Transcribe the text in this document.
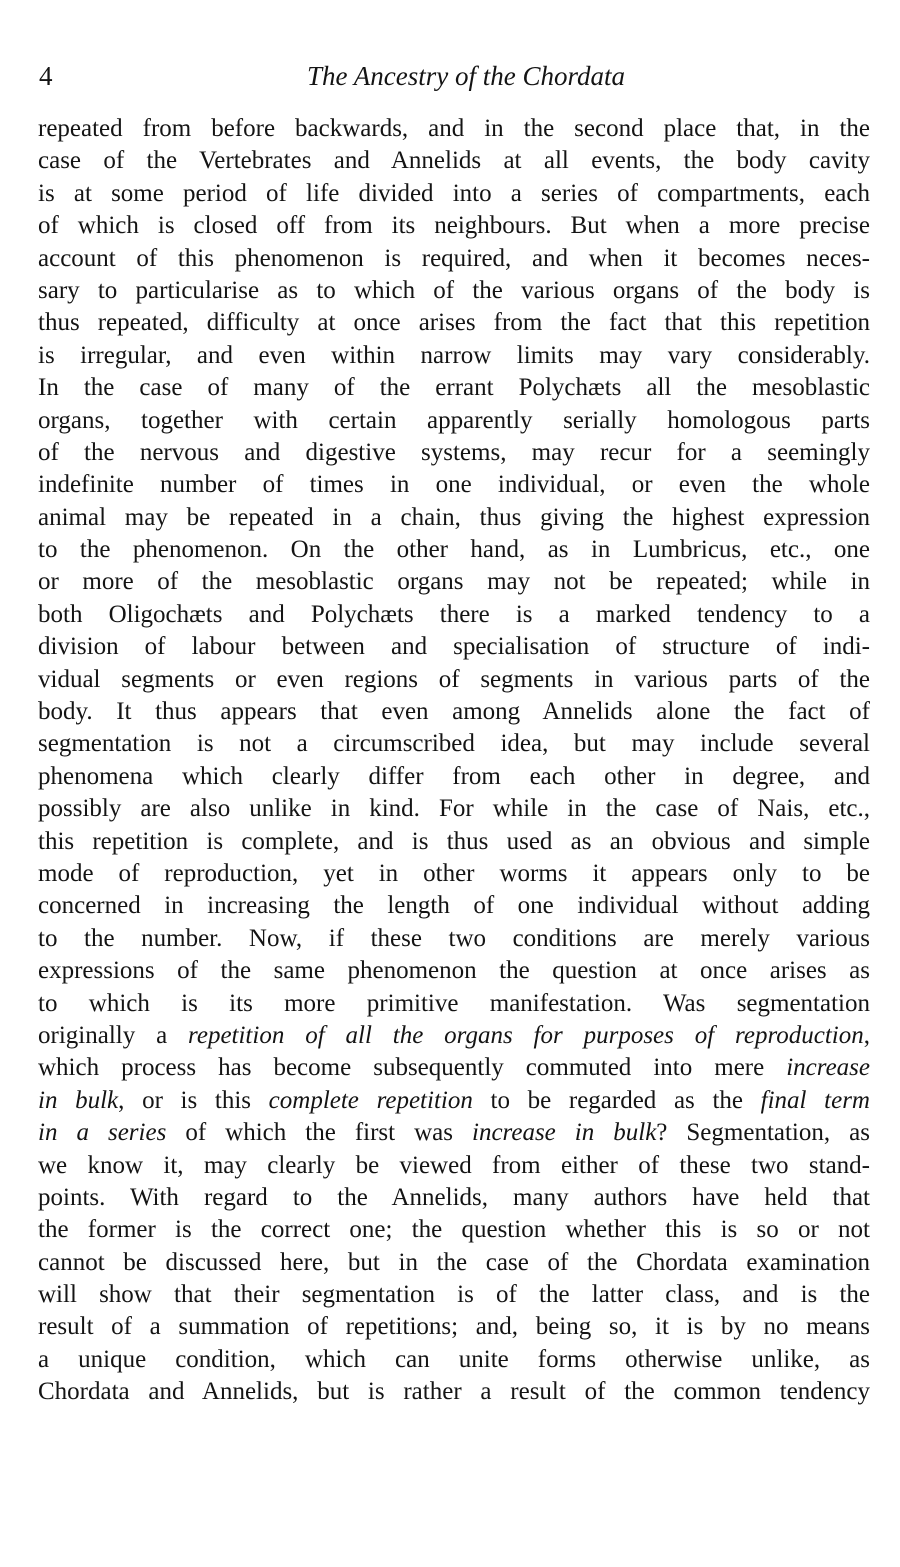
4	The Ancestry of the Chordata
repeated from before backwards, and in the second place that, in the
case of the Vertebrates and Annelids at all events, the body cavity
is at some period of life divided into a series of compartments, each
of which is closed off from its neighbours. But when a more precise
account of this phenomenon is required, and when it becomes neces-
sary to particularise as to which of the various organs of the body is
thus repeated, difficulty at once arises from the fact that this repetition
is irregular, and even within narrow limits may vary considerably.
In the case of many of the errant Polychæts all the mesoblastic
organs, together with certain apparently serially homologous parts
of the nervous and digestive systems, may recur for a seemingly
indefinite number of times in one individual, or even the whole
animal may be repeated in a chain, thus giving the highest expression
to the phenomenon. On the other hand, as in Lumbricus, etc., one
or more of the mesoblastic organs may not be repeated; while in
both Oligochæts and Polychæts there is a marked tendency to a
division of labour between and specialisation of structure of indi-
vidual segments or even regions of segments in various parts of the
body. It thus appears that even among Annelids alone the fact of
segmentation is not a circumscribed idea, but may include several
phenomena which clearly differ from each other in degree, and
possibly are also unlike in kind. For while in the case of Nais, etc.,
this repetition is complete, and is thus used as an obvious and simple
mode of reproduction, yet in other worms it appears only to be
concerned in increasing the length of one individual without adding
to the number. Now, if these two conditions are merely various
expressions of the same phenomenon the question at once arises as
to which is its more primitive manifestation. Was segmentation
originally a repetition of all the organs for purposes of reproduction,
which process has become subsequently commuted into mere increase
in bulk, or is this complete repetition to be regarded as the final term
in a series of which the first was increase in bulk? Segmentation, as
we know it, may clearly be viewed from either of these two stand-
points. With regard to the Annelids, many authors have held that
the former is the correct one; the question whether this is so or not
cannot be discussed here, but in the case of the Chordata examination
will show that their segmentation is of the latter class, and is the
result of a summation of repetitions; and, being so, it is by no means
a unique condition, which can unite forms otherwise unlike, as
Chordata and Annelids, but is rather a result of the common tendency
